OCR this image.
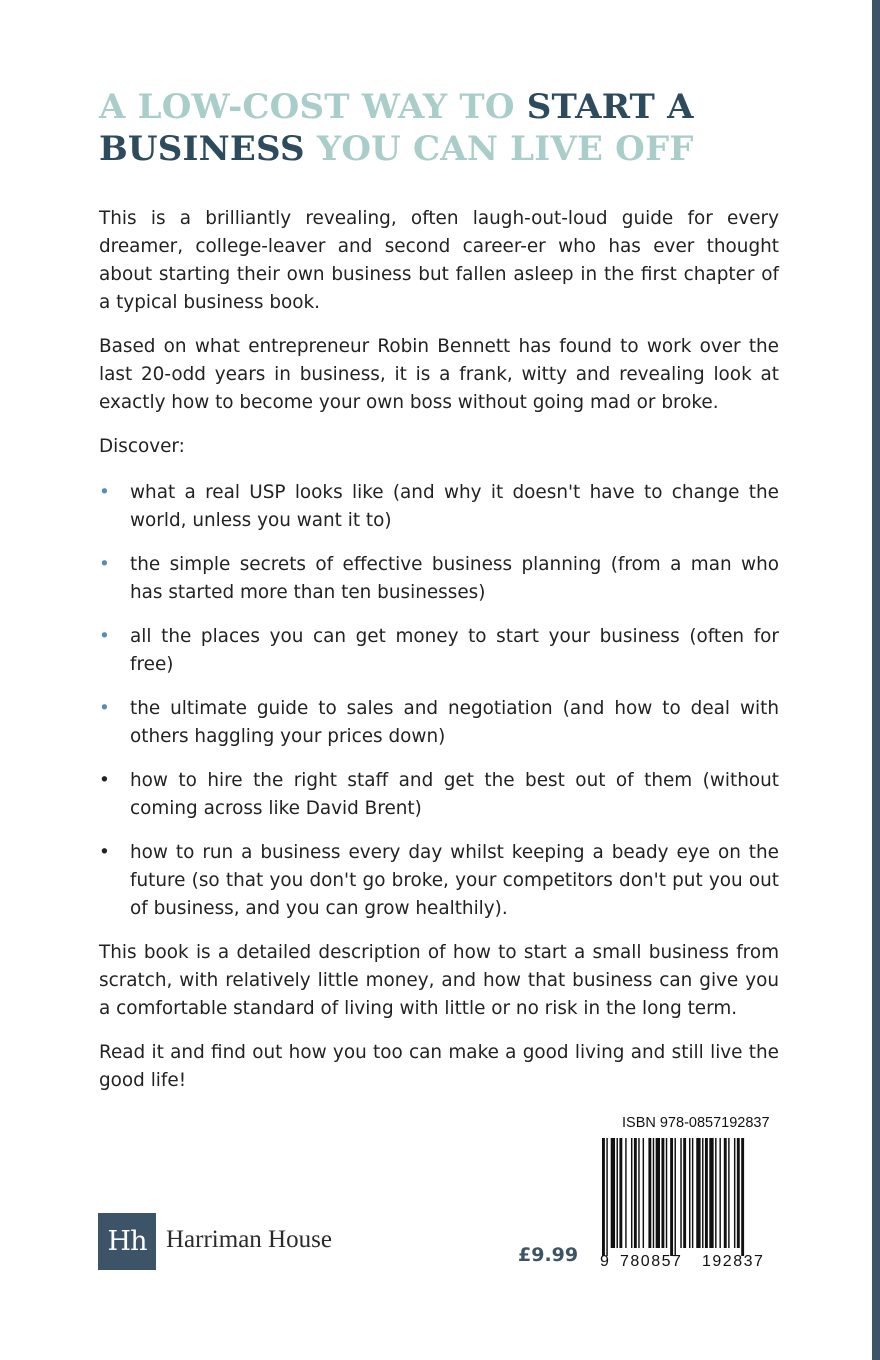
A LOW-COST WAY TO START A BUSINESS YOU CAN LIVE OFF

This is a brilliantly revealing, often laugh-out-loud guide for every dreamer, college-leaver and second career-er who has ever thought about starting their own business but fallen asleep in the first chapter of a typical business book.

Based on what entrepreneur Robin Bennett has found to work over the last 20-odd years in business, it is a frank, witty and revealing look at exactly how to become your own boss without going mad or broke.

Discover:

• what a real USP looks like (and why it doesn't have to change the world, unless you want it to)
• the simple secrets of effective business planning (from a man who has started more than ten businesses)
• all the places you can get money to start your business (often for free)
• the ultimate guide to sales and negotiation (and how to deal with others haggling your prices down)
• how to hire the right staff and get the best out of them (without coming across like David Brent)
• how to run a business every day whilst keeping a beady eye on the future (so that you don't go broke, your competitors don't put you out of business, and you can grow healthily).

This book is a detailed description of how to start a small business from scratch, with relatively little money, and how that business can give you a comfortable standard of living with little or no risk in the long term.

Read it and find out how you too can make a good living and still live the good life!

ISBN 978-0857192837
9 780857 192837
£9.99
Hh Harriman House
